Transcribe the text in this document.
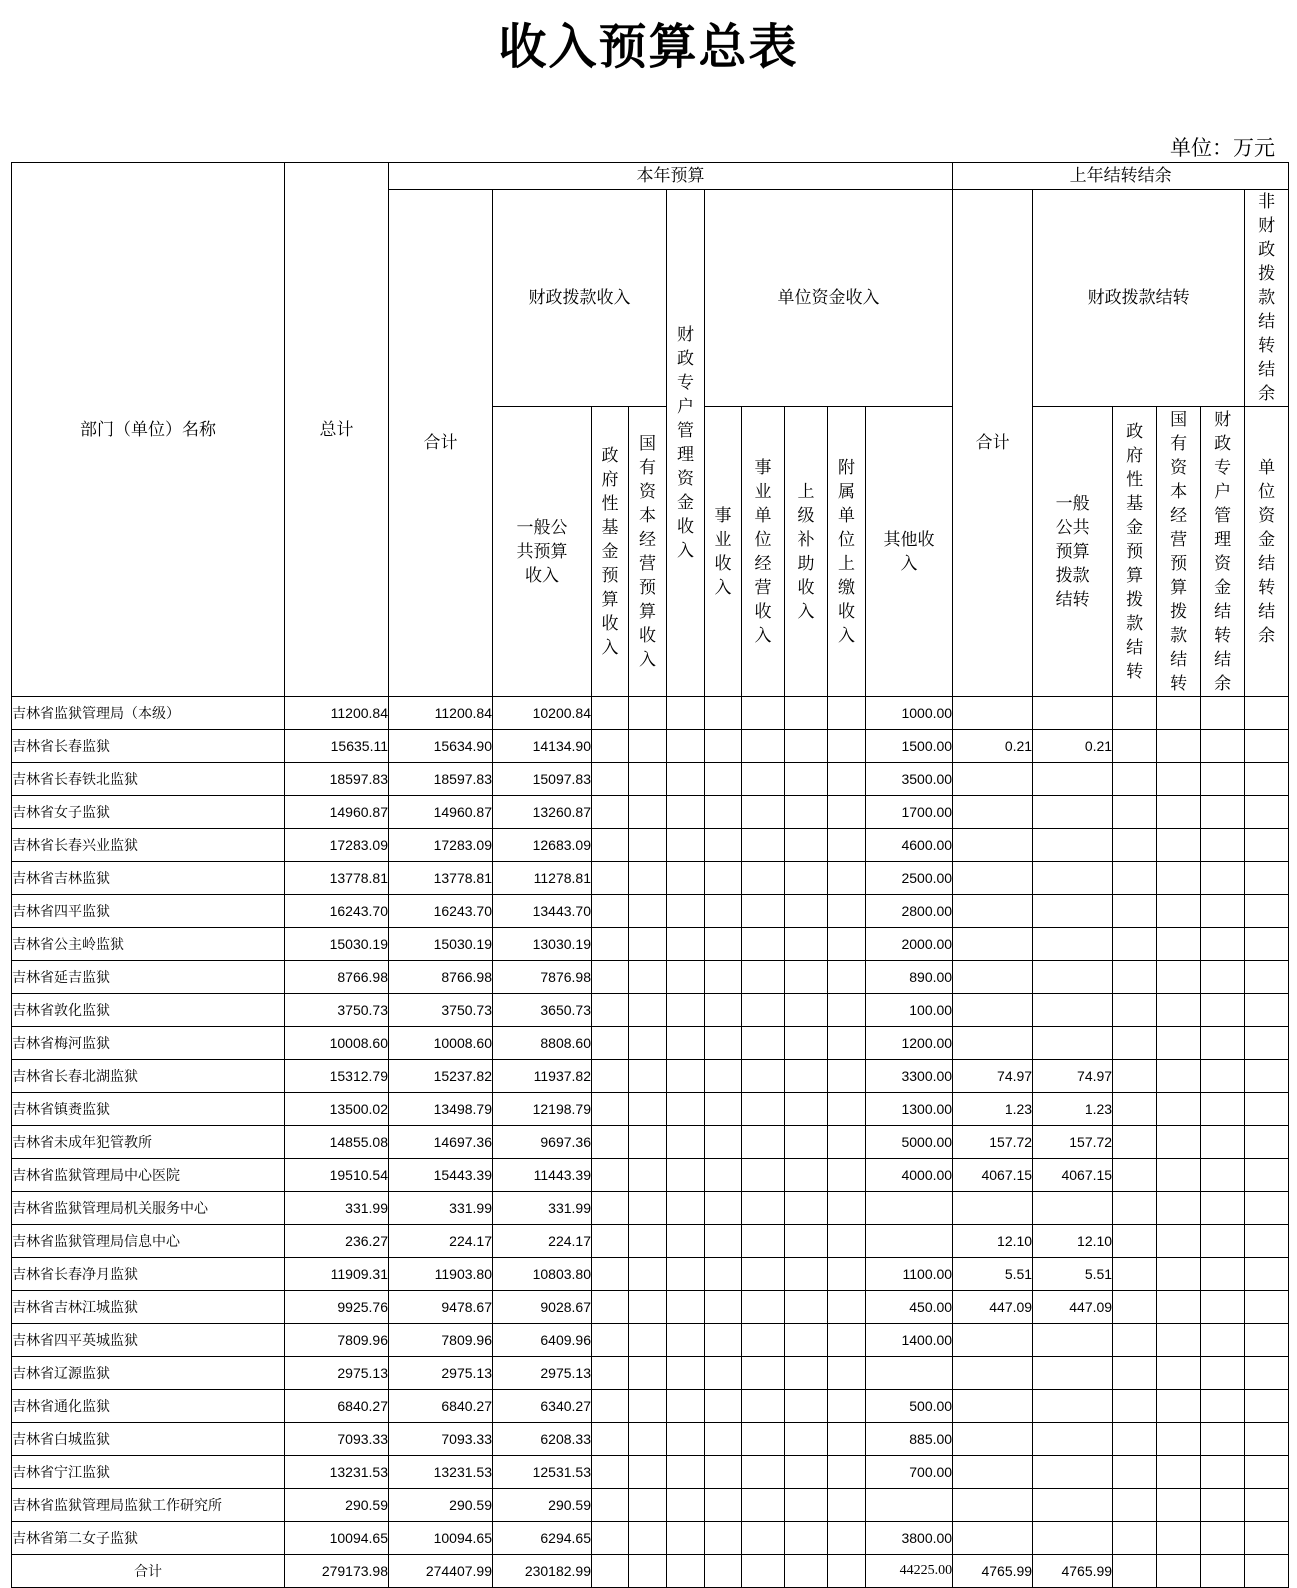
收入预算总表
单位：万元
部门（单位）名称	总计	本年预算										上年结转结余					
		合计	财政拨款收入			财政专户管理资金收入	单位资金收入					合计	财政拨款结转				非财政拨款结转结余
			一般公共预算收入	政府性基金预算收入	国有资本经营预算收入		事业收入	事业单位经营收入	上级补助收入	附属单位上缴收入	其他收入		一般公共预算拨款结转	政府性基金预算拨款结转	国有资本经营预算拨款结转	财政专户管理资金结转结余	单位资金结转结余
吉林省监狱管理局（本级）	11200.84	11200.84	10200.84								1000.00						
吉林省长春监狱	15635.11	15634.90	14134.90								1500.00	0.21	0.21				
吉林省长春铁北监狱	18597.83	18597.83	15097.83								3500.00						
吉林省女子监狱	14960.87	14960.87	13260.87								1700.00						
吉林省长春兴业监狱	17283.09	17283.09	12683.09								4600.00						
吉林省吉林监狱	13778.81	13778.81	11278.81								2500.00						
吉林省四平监狱	16243.70	16243.70	13443.70								2800.00						
吉林省公主岭监狱	15030.19	15030.19	13030.19								2000.00						
吉林省延吉监狱	8766.98	8766.98	7876.98								890.00						
吉林省敦化监狱	3750.73	3750.73	3650.73								100.00						
吉林省梅河监狱	10008.60	10008.60	8808.60								1200.00						
吉林省长春北湖监狱	15312.79	15237.82	11937.82								3300.00	74.97	74.97				
吉林省镇赉监狱	13500.02	13498.79	12198.79								1300.00	1.23	1.23				
吉林省未成年犯管教所	14855.08	14697.36	9697.36								5000.00	157.72	157.72				
吉林省监狱管理局中心医院	19510.54	15443.39	11443.39								4000.00	4067.15	4067.15				
吉林省监狱管理局机关服务中心	331.99	331.99	331.99														
吉林省监狱管理局信息中心	236.27	224.17	224.17									12.10	12.10				
吉林省长春净月监狱	11909.31	11903.80	10803.80								1100.00	5.51	5.51				
吉林省吉林江城监狱	9925.76	9478.67	9028.67								450.00	447.09	447.09				
吉林省四平英城监狱	7809.96	7809.96	6409.96								1400.00						
吉林省辽源监狱	2975.13	2975.13	2975.13														
吉林省通化监狱	6840.27	6840.27	6340.27								500.00						
吉林省白城监狱	7093.33	7093.33	6208.33								885.00						
吉林省宁江监狱	13231.53	13231.53	12531.53								700.00						
吉林省监狱管理局监狱工作研究所	290.59	290.59	290.59														
吉林省第二女子监狱	10094.65	10094.65	6294.65								3800.00						
合计	279173.98	274407.99	230182.99								44225.00	4765.99	4765.99				
